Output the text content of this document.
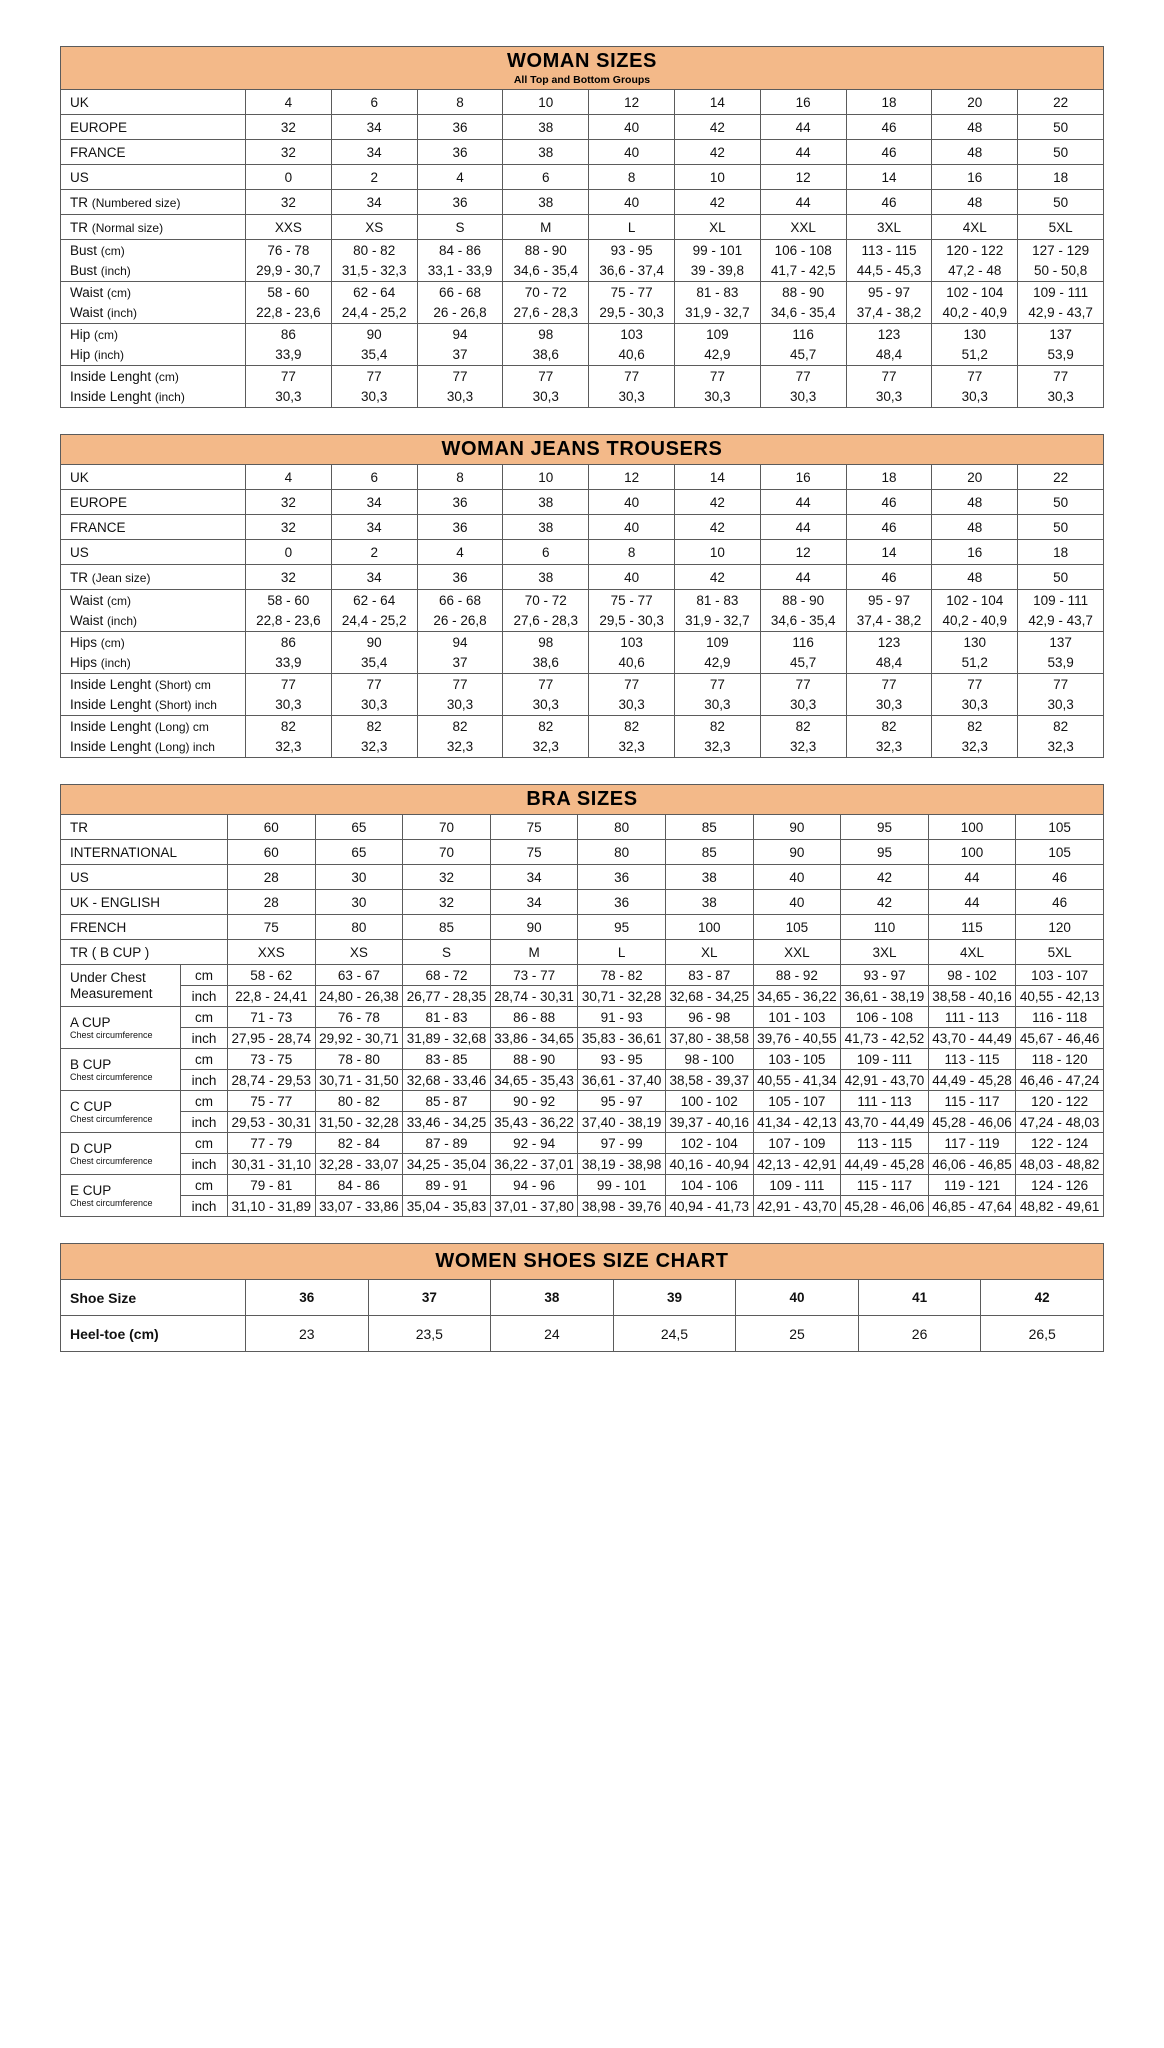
WOMAN SIZES
All Top and Bottom Groups										

UK	4	6	8	10	12	14	16	18	20	22
EUROPE	32	34	36	38	40	42	44	46	48	50
FRANCE	32	34	36	38	40	42	44	46	48	50
US	0	2	4	6	8	10	12	14	16	18
TR (Numbered size)	32	34	36	38	40	42	44	46	48	50
TR (Normal size)	XXS	XS	S	M	L	XL	XXL	3XL	4XL	5XL
Bust (cm)	76 - 78	80 - 82	84 - 86	88 - 90	93 - 95	99 - 101	106 - 108	113 - 115	120 - 122	127 - 129
Bust (inch)	29,9 - 30,7	31,5 - 32,3	33,1 - 33,9	34,6 - 35,4	36,6 - 37,4	39 - 39,8	41,7 - 42,5	44,5 - 45,3	47,2 - 48	50 - 50,8
Waist (cm)	58 - 60	62 - 64	66 - 68	70 - 72	75 - 77	81 - 83	88 - 90	95 - 97	102 - 104	109 - 111
Waist (inch)	22,8 - 23,6	24,4 - 25,2	26 - 26,8	27,6 - 28,3	29,5 - 30,3	31,9 - 32,7	34,6 - 35,4	37,4 - 38,2	40,2 - 40,9	42,9 - 43,7
Hip (cm)	86	90	94	98	103	109	116	123	130	137
Hip (inch)	33,9	35,4	37	38,6	40,6	42,9	45,7	48,4	51,2	53,9
Inside Lenght (cm)	77	77	77	77	77	77	77	77	77	77
Inside Lenght (inch)	30,3	30,3	30,3	30,3	30,3	30,3	30,3	30,3	30,3	30,3
WOMAN JEANS TROUSERS										

UK	4	6	8	10	12	14	16	18	20	22
EUROPE	32	34	36	38	40	42	44	46	48	50
FRANCE	32	34	36	38	40	42	44	46	48	50
US	0	2	4	6	8	10	12	14	16	18
TR (Jean size)	32	34	36	38	40	42	44	46	48	50
Waist (cm)	58 - 60	62 - 64	66 - 68	70 - 72	75 - 77	81 - 83	88 - 90	95 - 97	102 - 104	109 - 111
Waist (inch)	22,8 - 23,6	24,4 - 25,2	26 - 26,8	27,6 - 28,3	29,5 - 30,3	31,9 - 32,7	34,6 - 35,4	37,4 - 38,2	40,2 - 40,9	42,9 - 43,7
Hips (cm)	86	90	94	98	103	109	116	123	130	137
Hips (inch)	33,9	35,4	37	38,6	40,6	42,9	45,7	48,4	51,2	53,9
Inside Lenght (Short) cm	77	77	77	77	77	77	77	77	77	77
Inside Lenght (Short) inch	30,3	30,3	30,3	30,3	30,3	30,3	30,3	30,3	30,3	30,3
Inside Lenght (Long) cm	82	82	82	82	82	82	82	82	82	82
Inside Lenght (Long) inch	32,3	32,3	32,3	32,3	32,3	32,3	32,3	32,3	32,3	32,3
BRA SIZES											

TR		60	65	70	75	80	85	90	95	100	105
INTERNATIONAL		60	65	70	75	80	85	90	95	100	105
US		28	30	32	34	36	38	40	42	44	46
UK - ENGLISH		28	30	32	34	36	38	40	42	44	46
FRENCH		75	80	85	90	95	100	105	110	115	120
TR ( B CUP )		XXS	XS	S	M	L	XL	XXL	3XL	4XL	5XL
Under Chest
Measurement	cm	58 - 62	63 - 67	68 - 72	73 - 77	78 - 82	83 - 87	88 - 92	93 - 97	98 - 102	103 - 107
	inch	22,8 - 24,41	24,80 - 26,38	26,77 - 28,35	28,74 - 30,31	30,71 - 32,28	32,68 - 34,25	34,65 - 36,22	36,61 - 38,19	38,58 - 40,16	40,55 - 42,13
A CUP
Chest circumference	cm	71 - 73	76 - 78	81 - 83	86 - 88	91 - 93	96 - 98	101 - 103	106 - 108	111 - 113	116 - 118
	inch	27,95 - 28,74	29,92 - 30,71	31,89 - 32,68	33,86 - 34,65	35,83 - 36,61	37,80 - 38,58	39,76 - 40,55	41,73 - 42,52	43,70 - 44,49	45,67 - 46,46
B CUP
Chest circumference	cm	73 - 75	78 - 80	83 - 85	88 - 90	93 - 95	98 - 100	103 - 105	109 - 111	113 - 115	118 - 120
	inch	28,74 - 29,53	30,71 - 31,50	32,68 - 33,46	34,65 - 35,43	36,61 - 37,40	38,58 - 39,37	40,55 - 41,34	42,91 - 43,70	44,49 - 45,28	46,46 - 47,24
C CUP
Chest circumference	cm	75 - 77	80 - 82	85 - 87	90 - 92	95 - 97	100 - 102	105 - 107	111 - 113	115 - 117	120 - 122
	inch	29,53 - 30,31	31,50 - 32,28	33,46 - 34,25	35,43 - 36,22	37,40 - 38,19	39,37 - 40,16	41,34 - 42,13	43,70 - 44,49	45,28 - 46,06	47,24 - 48,03
D CUP
Chest circumference	cm	77 - 79	82 - 84	87 - 89	92 - 94	97 - 99	102 - 104	107 - 109	113 - 115	117 - 119	122 - 124
	inch	30,31 - 31,10	32,28 - 33,07	34,25 - 35,04	36,22 - 37,01	38,19 - 38,98	40,16 - 40,94	42,13 - 42,91	44,49 - 45,28	46,06 - 46,85	48,03 - 48,82
E CUP
Chest circumference	cm	79 - 81	84 - 86	89 - 91	94 - 96	99 - 101	104 - 106	109 - 111	115 - 117	119 - 121	124 - 126
	inch	31,10 - 31,89	33,07 - 33,86	35,04 - 35,83	37,01 - 37,80	38,98 - 39,76	40,94 - 41,73	42,91 - 43,70	45,28 - 46,06	46,85 - 47,64	48,82 - 49,61
WOMEN SHOES SIZE CHART							

Shoe Size	36	37	38	39	40	41	42
Heel-toe (cm)	23	23,5	24	24,5	25	26	26,5
